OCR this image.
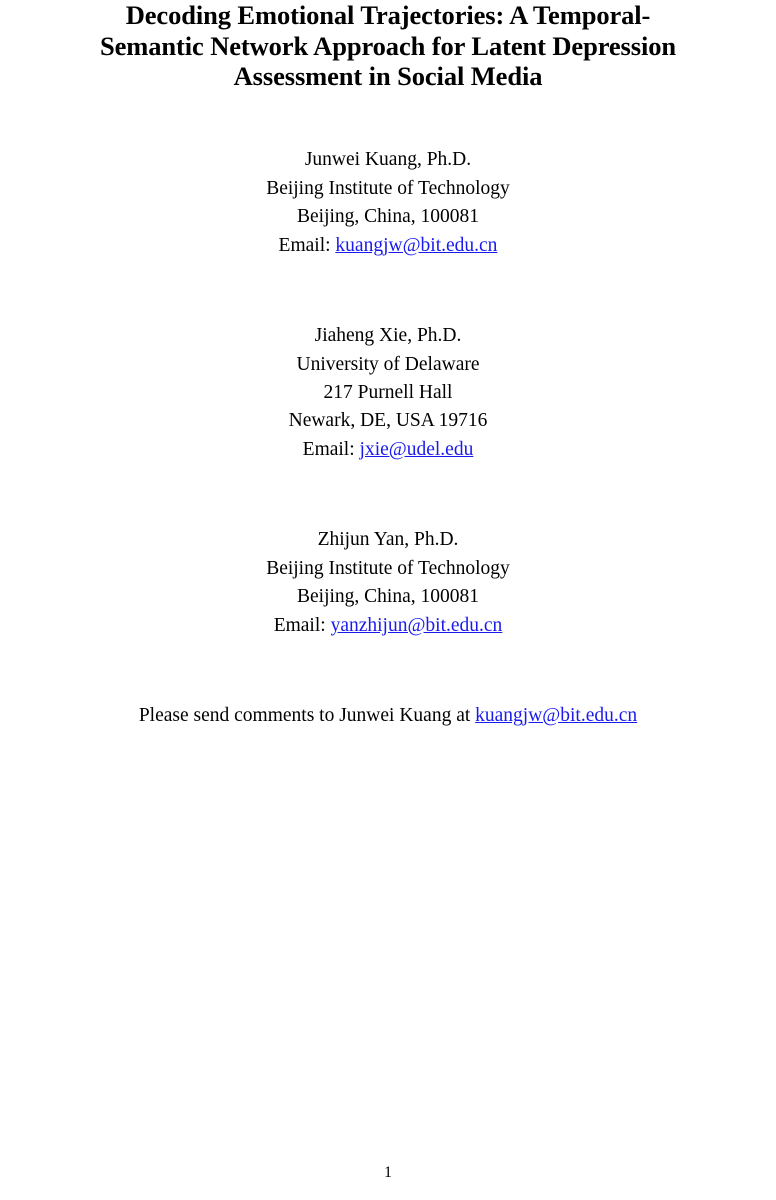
Decoding Emotional Trajectories: A Temporal-
Semantic Network Approach for Latent Depression
Assessment in Social Media
Junwei Kuang, Ph.D.
Beijing Institute of Technology
Beijing, China, 100081
Email: kuangjw@bit.edu.cn
Jiaheng Xie, Ph.D.
University of Delaware
217 Purnell Hall
Newark, DE, USA 19716
Email: jxie@udel.edu
Zhijun Yan, Ph.D.
Beijing Institute of Technology
Beijing, China, 100081
Email: yanzhijun@bit.edu.cn
Please send comments to Junwei Kuang at kuangjw@bit.edu.cn
1
